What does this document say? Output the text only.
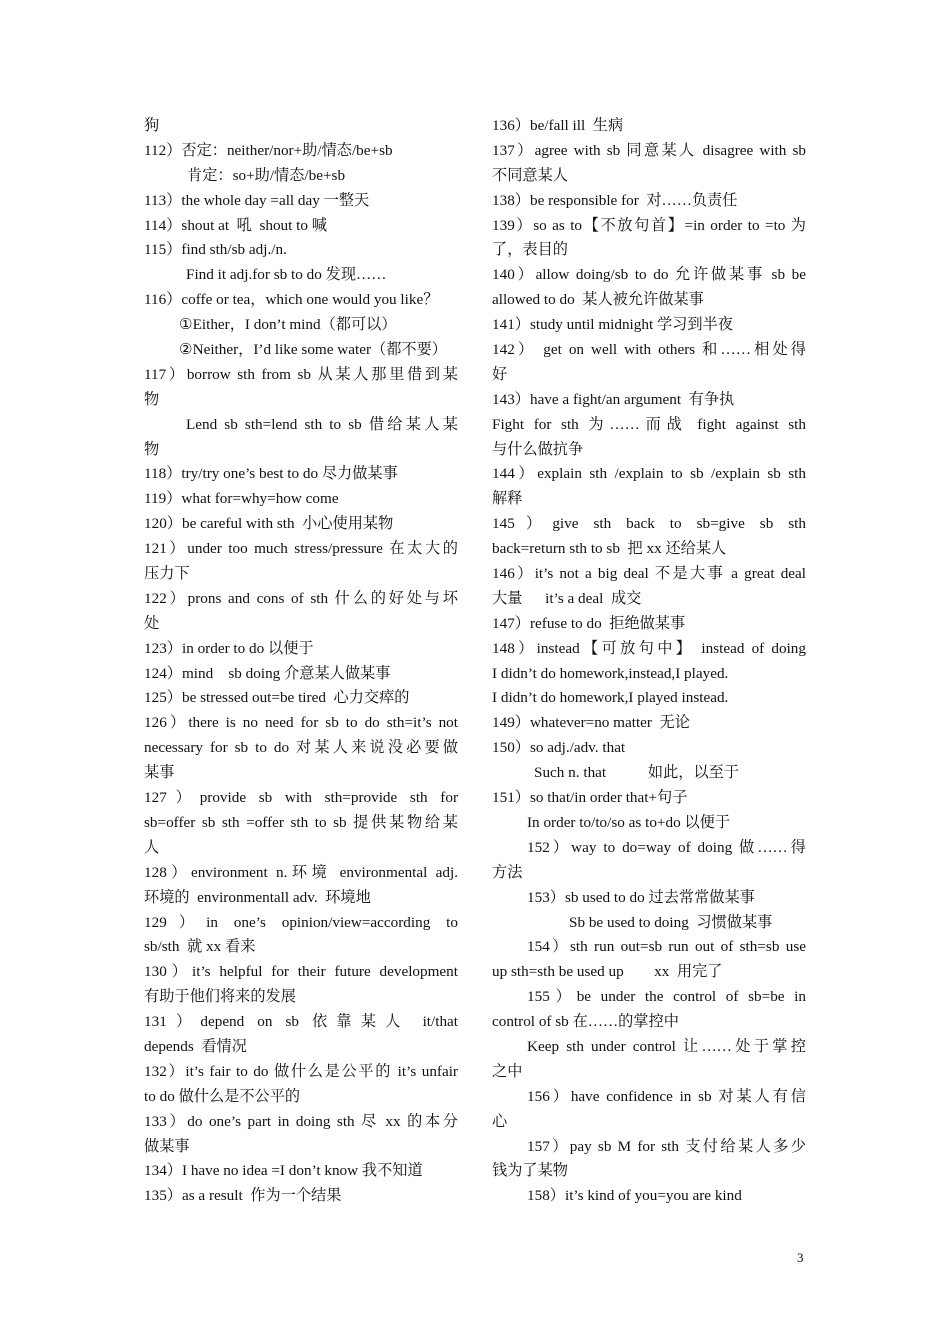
狗
112）否定：neither/nor+助/情态/be+sb
肯定：so+助/情态/be+sb
113）the whole day =all day 一整天
114）shout at  吼  shout to 喊
115）find sth/sb adj./n.
Find it adj.for sb to do 发现……
116）coffe or tea，which one would you like？
①Either，I don’t mind（都可以）
②Neither，I’d like some water（都不要）
117）borrow sth from sb 从某人那里借到某
物
Lend sb sth=lend sth to sb 借给某人某
物
118）try/try one’s best to do 尽力做某事
119）what for=why=how come
120）be careful with sth  小心使用某物
121）under too much stress/pressure 在太大的
压力下
122）prons and cons of sth 什么的好处与坏
处
123）in order to do 以便于
124）mind    sb doing 介意某人做某事
125）be stressed out=be tired  心力交瘁的
126）there is no need for sb to do sth=it’s not
necessary for sb to do 对某人来说没必要做
某事
127）provide sb with sth=provide sth for
sb=offer sb sth =offer sth to sb 提供某物给某
人
128）environment n.环境 environmental adj.
环境的  environmentall adv.  环境地
129）in one’s opinion/view=according to
sb/sth  就 xx 看来
130）it’s helpful for their future development
有助于他们将来的发展
131）depend on sb 依靠某人 it/that
depends  看情况
132）it’s fair to do 做什么是公平的 it’s unfair
to do 做什么是不公平的
133）do one’s part in doing sth 尽 xx 的本分
做某事
134）I have no idea =I don’t know 我不知道
135）as a result  作为一个结果
136）be/fall ill  生病
137）agree with sb 同意某人 disagree with sb
不同意某人
138）be responsible for  对……负责任
139）so as to【不放句首】=in order to =to 为
了，表目的
140）allow doing/sb to do 允许做某事 sb be
allowed to do  某人被允许做某事
141）study until midnight 学习到半夜
142） get on well with others 和……相处得
好
143）have a fight/an argument  有争执
Fight for sth 为……而战 fight against sth
与什么做抗争
144）explain sth /explain to sb /explain sb sth
解释
145）give sth back to sb=give sb sth
back=return sth to sb  把 xx 还给某人
146）it’s not a big deal 不是大事 a great deal
大量      it’s a deal  成交
147）refuse to do  拒绝做某事
148）instead【可放句中】 instead of doing
I didn’t do homework,instead,I played.
I didn’t do homework,I played instead.
149）whatever=no matter  无论
150）so adj./adv. that
Such n. that           如此，以至于
151）so that/in order that+句子
In order to/to/so as to+do 以便于
152）way to do=way of doing 做……得
方法
153）sb used to do 过去常常做某事
Sb be used to doing  习惯做某事
154）sth run out=sb run out of sth=sb use
up sth=sth be used up        xx  用完了
155）be under the control of sb=be in
control of sb 在……的掌控中
Keep sth under control 让……处于掌控
之中
156）have confidence in sb 对某人有信
心
157）pay sb M for sth 支付给某人多少
钱为了某物
158）it’s kind of you=you are kind
3
